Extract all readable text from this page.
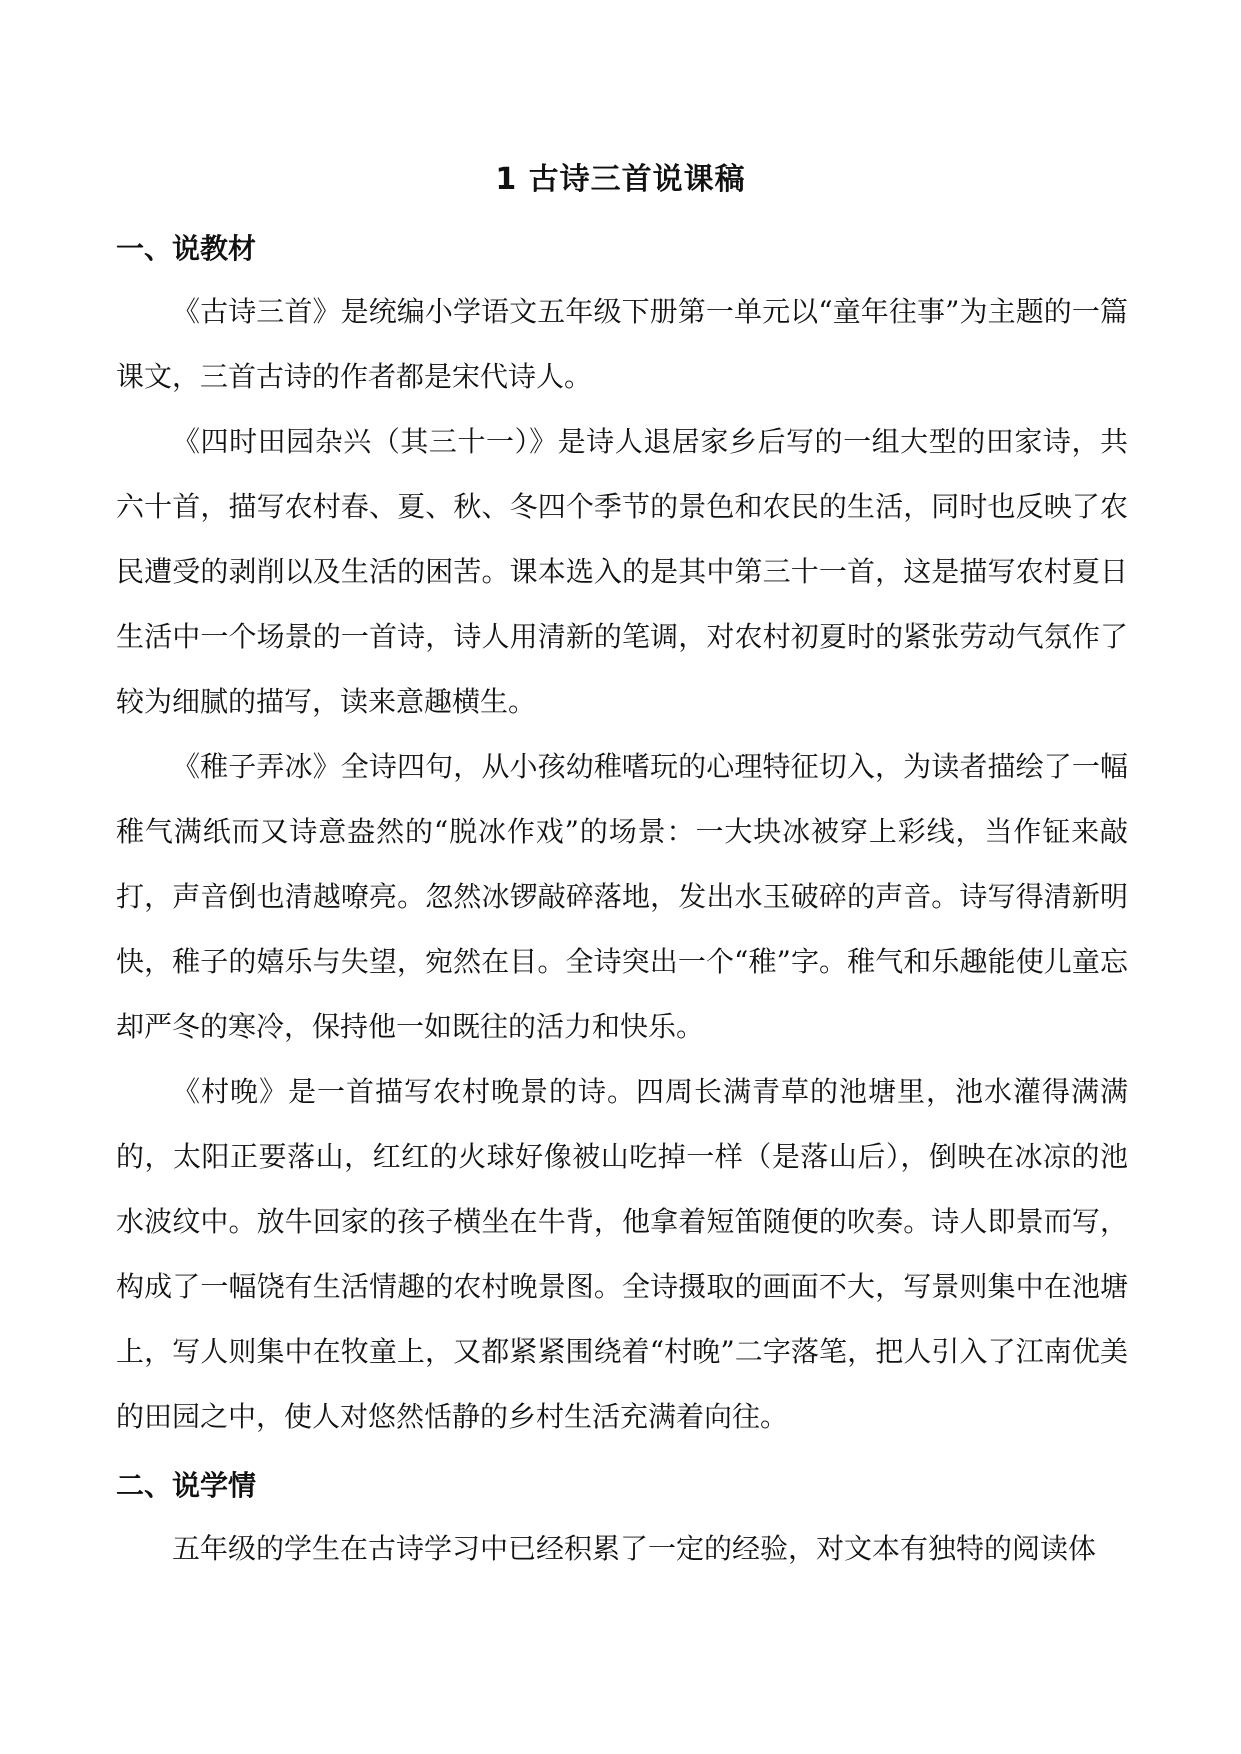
1 古诗三首说课稿
一、说教材

《古诗三首》是统编小学语文五年级下册第一单元以“童年往事”为主题的一篇课文，三首古诗的作者都是宋代诗人。

《四时田园杂兴（其三十一）》是诗人退居家乡后写的一组大型的田家诗，共六十首，描写农村春、夏、秋、冬四个季节的景色和农民的生活，同时也反映了农民遭受的剥削以及生活的困苦。课本选入的是其中第三十一首，这是描写农村夏日生活中一个场景的一首诗，诗人用清新的笔调，对农村初夏时的紧张劳动气氛作了较为细腻的描写，读来意趣横生。

《稚子弄冰》全诗四句，从小孩幼稚嗜玩的心理特征切入，为读者描绘了一幅稚气满纸而又诗意盎然的“脱冰作戏”的场景：一大块冰被穿上彩线，当作钲来敲打，声音倒也清越嘹亮。忽然冰锣敲碎落地，发出水玉破碎的声音。诗写得清新明快，稚子的嬉乐与失望，宛然在目。全诗突出一个“稚”字。稚气和乐趣能使儿童忘却严冬的寒冷，保持他一如既往的活力和快乐。

《村晚》是一首描写农村晚景的诗。四周长满青草的池塘里，池水灌得满满的，太阳正要落山，红红的火球好像被山吃掉一样（是落山后），倒映在冰凉的池水波纹中。放牛回家的孩子横坐在牛背，他拿着短笛随便的吹奏。诗人即景而写，构成了一幅饶有生活情趣的农村晚景图。全诗摄取的画面不大，写景则集中在池塘上，写人则集中在牧童上，又都紧紧围绕着“村晚”二字落笔，把人引入了江南优美的田园之中，使人对悠然恬静的乡村生活充满着向往。

二、说学情

五年级的学生在古诗学习中已经积累了一定的经验，对文本有独特的阅读体
